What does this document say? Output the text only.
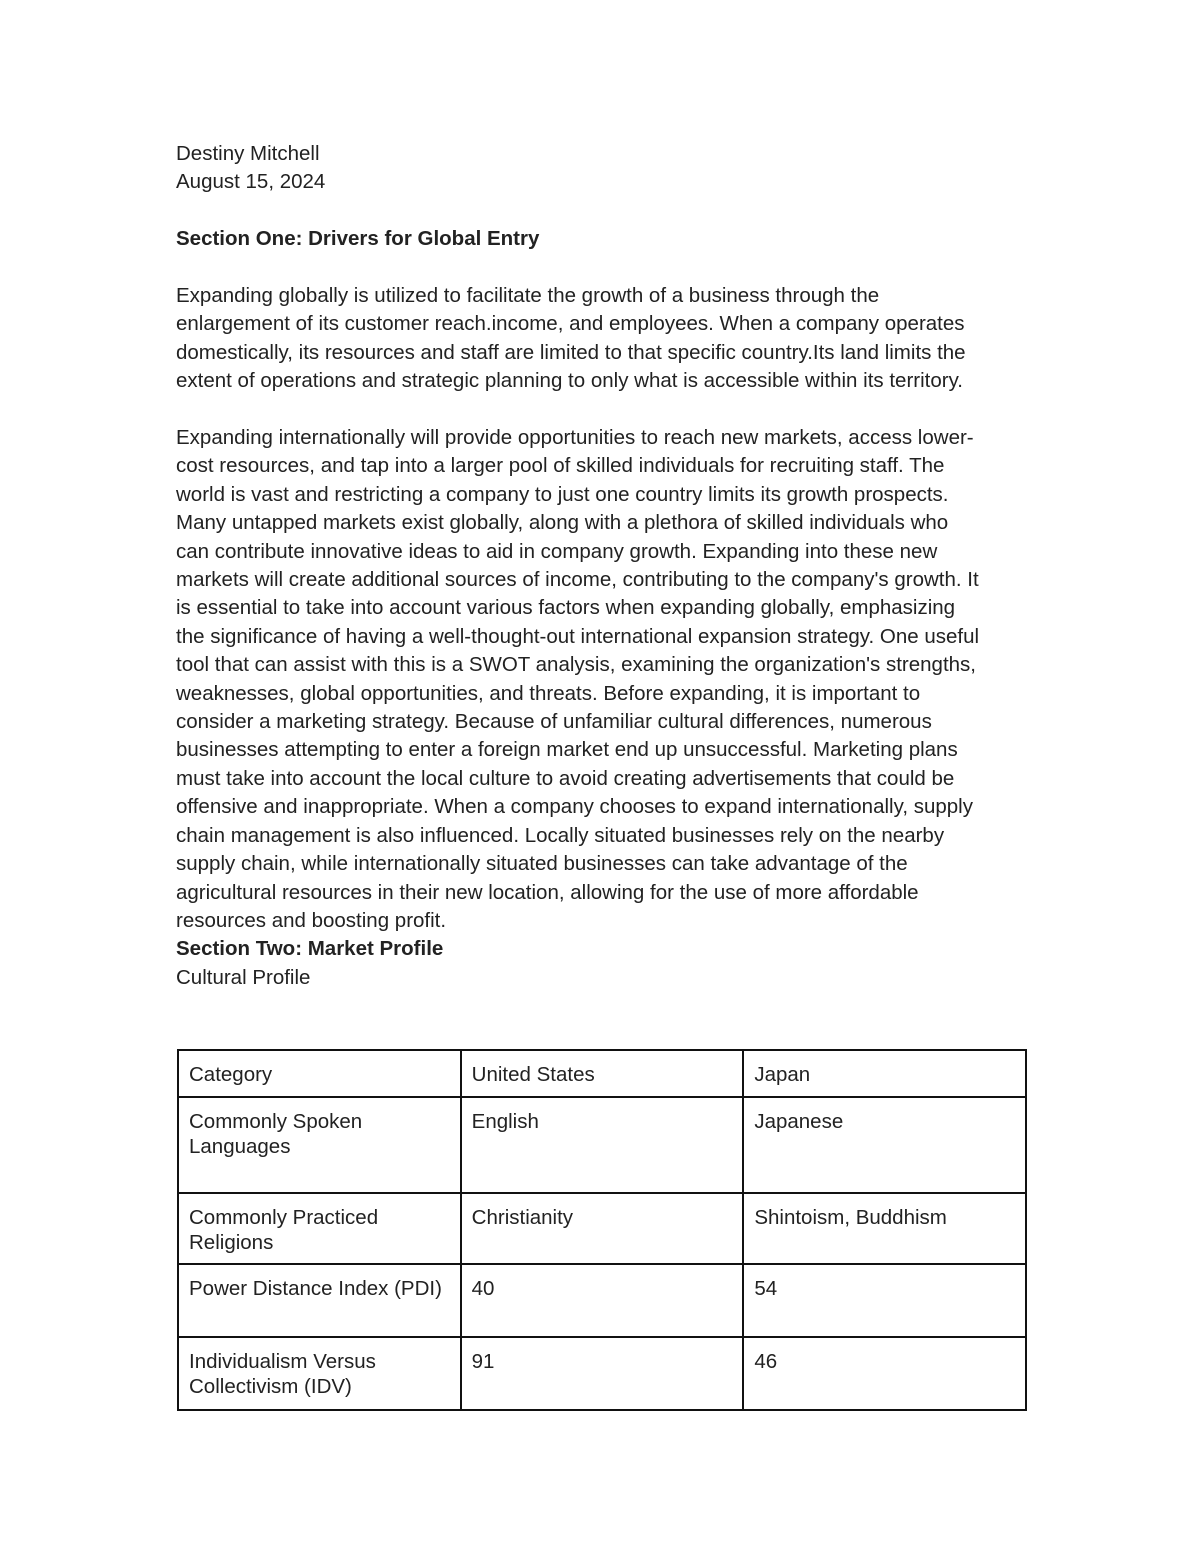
Destiny Mitchell

August 15, 2024

Section One: Drivers for Global Entry

Expanding globally is utilized to facilitate the growth of a business through the
enlargement of its customer reach.income, and employees. When a company operates
domestically, its resources and staff are limited to that specific country.Its land limits the
extent of operations and strategic planning to only what is accessible within its territory.
Expanding internationally will provide opportunities to reach new markets, access lower-
cost resources, and tap into a larger pool of skilled individuals for recruiting staff. The
world is vast and restricting a company to just one country limits its growth prospects.
Many untapped markets exist globally, along with a plethora of skilled individuals who
can contribute innovative ideas to aid in company growth. Expanding into these new
markets will create additional sources of income, contributing to the company's growth. It
is essential to take into account various factors when expanding globally, emphasizing
the significance of having a well-thought-out international expansion strategy. One useful
tool that can assist with this is a SWOT analysis, examining the organization's strengths,
weaknesses, global opportunities, and threats. Before expanding, it is important to
consider a marketing strategy. Because of unfamiliar cultural differences, numerous
businesses attempting to enter a foreign market end up unsuccessful. Marketing plans
must take into account the local culture to avoid creating advertisements that could be
offensive and inappropriate. When a company chooses to expand internationally, supply
chain management is also influenced. Locally situated businesses rely on the nearby
supply chain, while internationally situated businesses can take advantage of the
agricultural resources in their new location, allowing for the use of more affordable
resources and boosting profit.

Section Two: Market Profile

Cultural Profile

Category	United States	Japan
Commonly Spoken Languages	English	Japanese
Commonly Practiced Religions	Christianity	Shintoism, Buddhism
Power Distance Index (PDI)	40	54
Individualism Versus Collectivism (IDV)	91	46
